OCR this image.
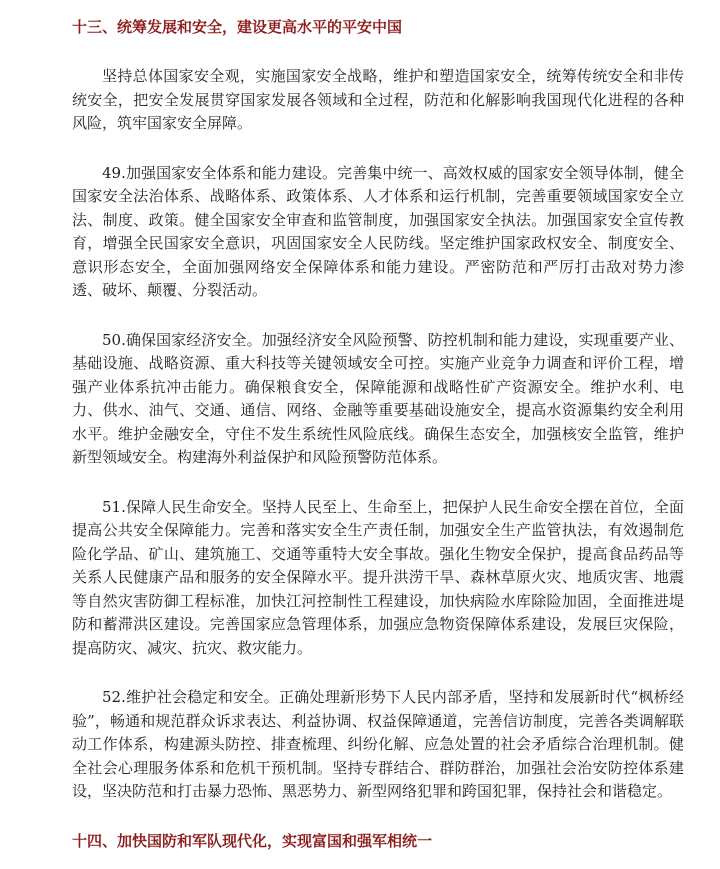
十三、统筹发展和安全，建设更高水平的平安中国

坚持总体国家安全观，实施国家安全战略，维护和塑造国家安全，统筹传统安全和非传统安全，把安全发展贯穿国家发展各领域和全过程，防范和化解影响我国现代化进程的各种风险，筑牢国家安全屏障。

49.加强国家安全体系和能力建设。完善集中统一、高效权威的国家安全领导体制，健全国家安全法治体系、战略体系、政策体系、人才体系和运行机制，完善重要领域国家安全立法、制度、政策。健全国家安全审查和监管制度，加强国家安全执法。加强国家安全宣传教育，增强全民国家安全意识，巩固国家安全人民防线。坚定维护国家政权安全、制度安全、意识形态安全，全面加强网络安全保障体系和能力建设。严密防范和严厉打击敌对势力渗透、破坏、颠覆、分裂活动。

50.确保国家经济安全。加强经济安全风险预警、防控机制和能力建设，实现重要产业、基础设施、战略资源、重大科技等关键领域安全可控。实施产业竞争力调查和评价工程，增强产业体系抗冲击能力。确保粮食安全，保障能源和战略性矿产资源安全。维护水利、电力、供水、油气、交通、通信、网络、金融等重要基础设施安全，提高水资源集约安全利用水平。维护金融安全，守住不发生系统性风险底线。确保生态安全，加强核安全监管，维护新型领域安全。构建海外利益保护和风险预警防范体系。

51.保障人民生命安全。坚持人民至上、生命至上，把保护人民生命安全摆在首位，全面提高公共安全保障能力。完善和落实安全生产责任制，加强安全生产监管执法，有效遏制危险化学品、矿山、建筑施工、交通等重特大安全事故。强化生物安全保护，提高食品药品等关系人民健康产品和服务的安全保障水平。提升洪涝干旱、森林草原火灾、地质灾害、地震等自然灾害防御工程标准，加快江河控制性工程建设，加快病险水库除险加固，全面推进堤防和蓄滞洪区建设。完善国家应急管理体系，加强应急物资保障体系建设，发展巨灾保险，提高防灾、减灾、抗灾、救灾能力。

52.维护社会稳定和安全。正确处理新形势下人民内部矛盾，坚持和发展新时代“枫桥经验”，畅通和规范群众诉求表达、利益协调、权益保障通道，完善信访制度，完善各类调解联动工作体系，构建源头防控、排查梳理、纠纷化解、应急处置的社会矛盾综合治理机制。健全社会心理服务体系和危机干预机制。坚持专群结合、群防群治，加强社会治安防控体系建设，坚决防范和打击暴力恐怖、黑恶势力、新型网络犯罪和跨国犯罪，保持社会和谐稳定。

十四、加快国防和军队现代化，实现富国和强军相统一
